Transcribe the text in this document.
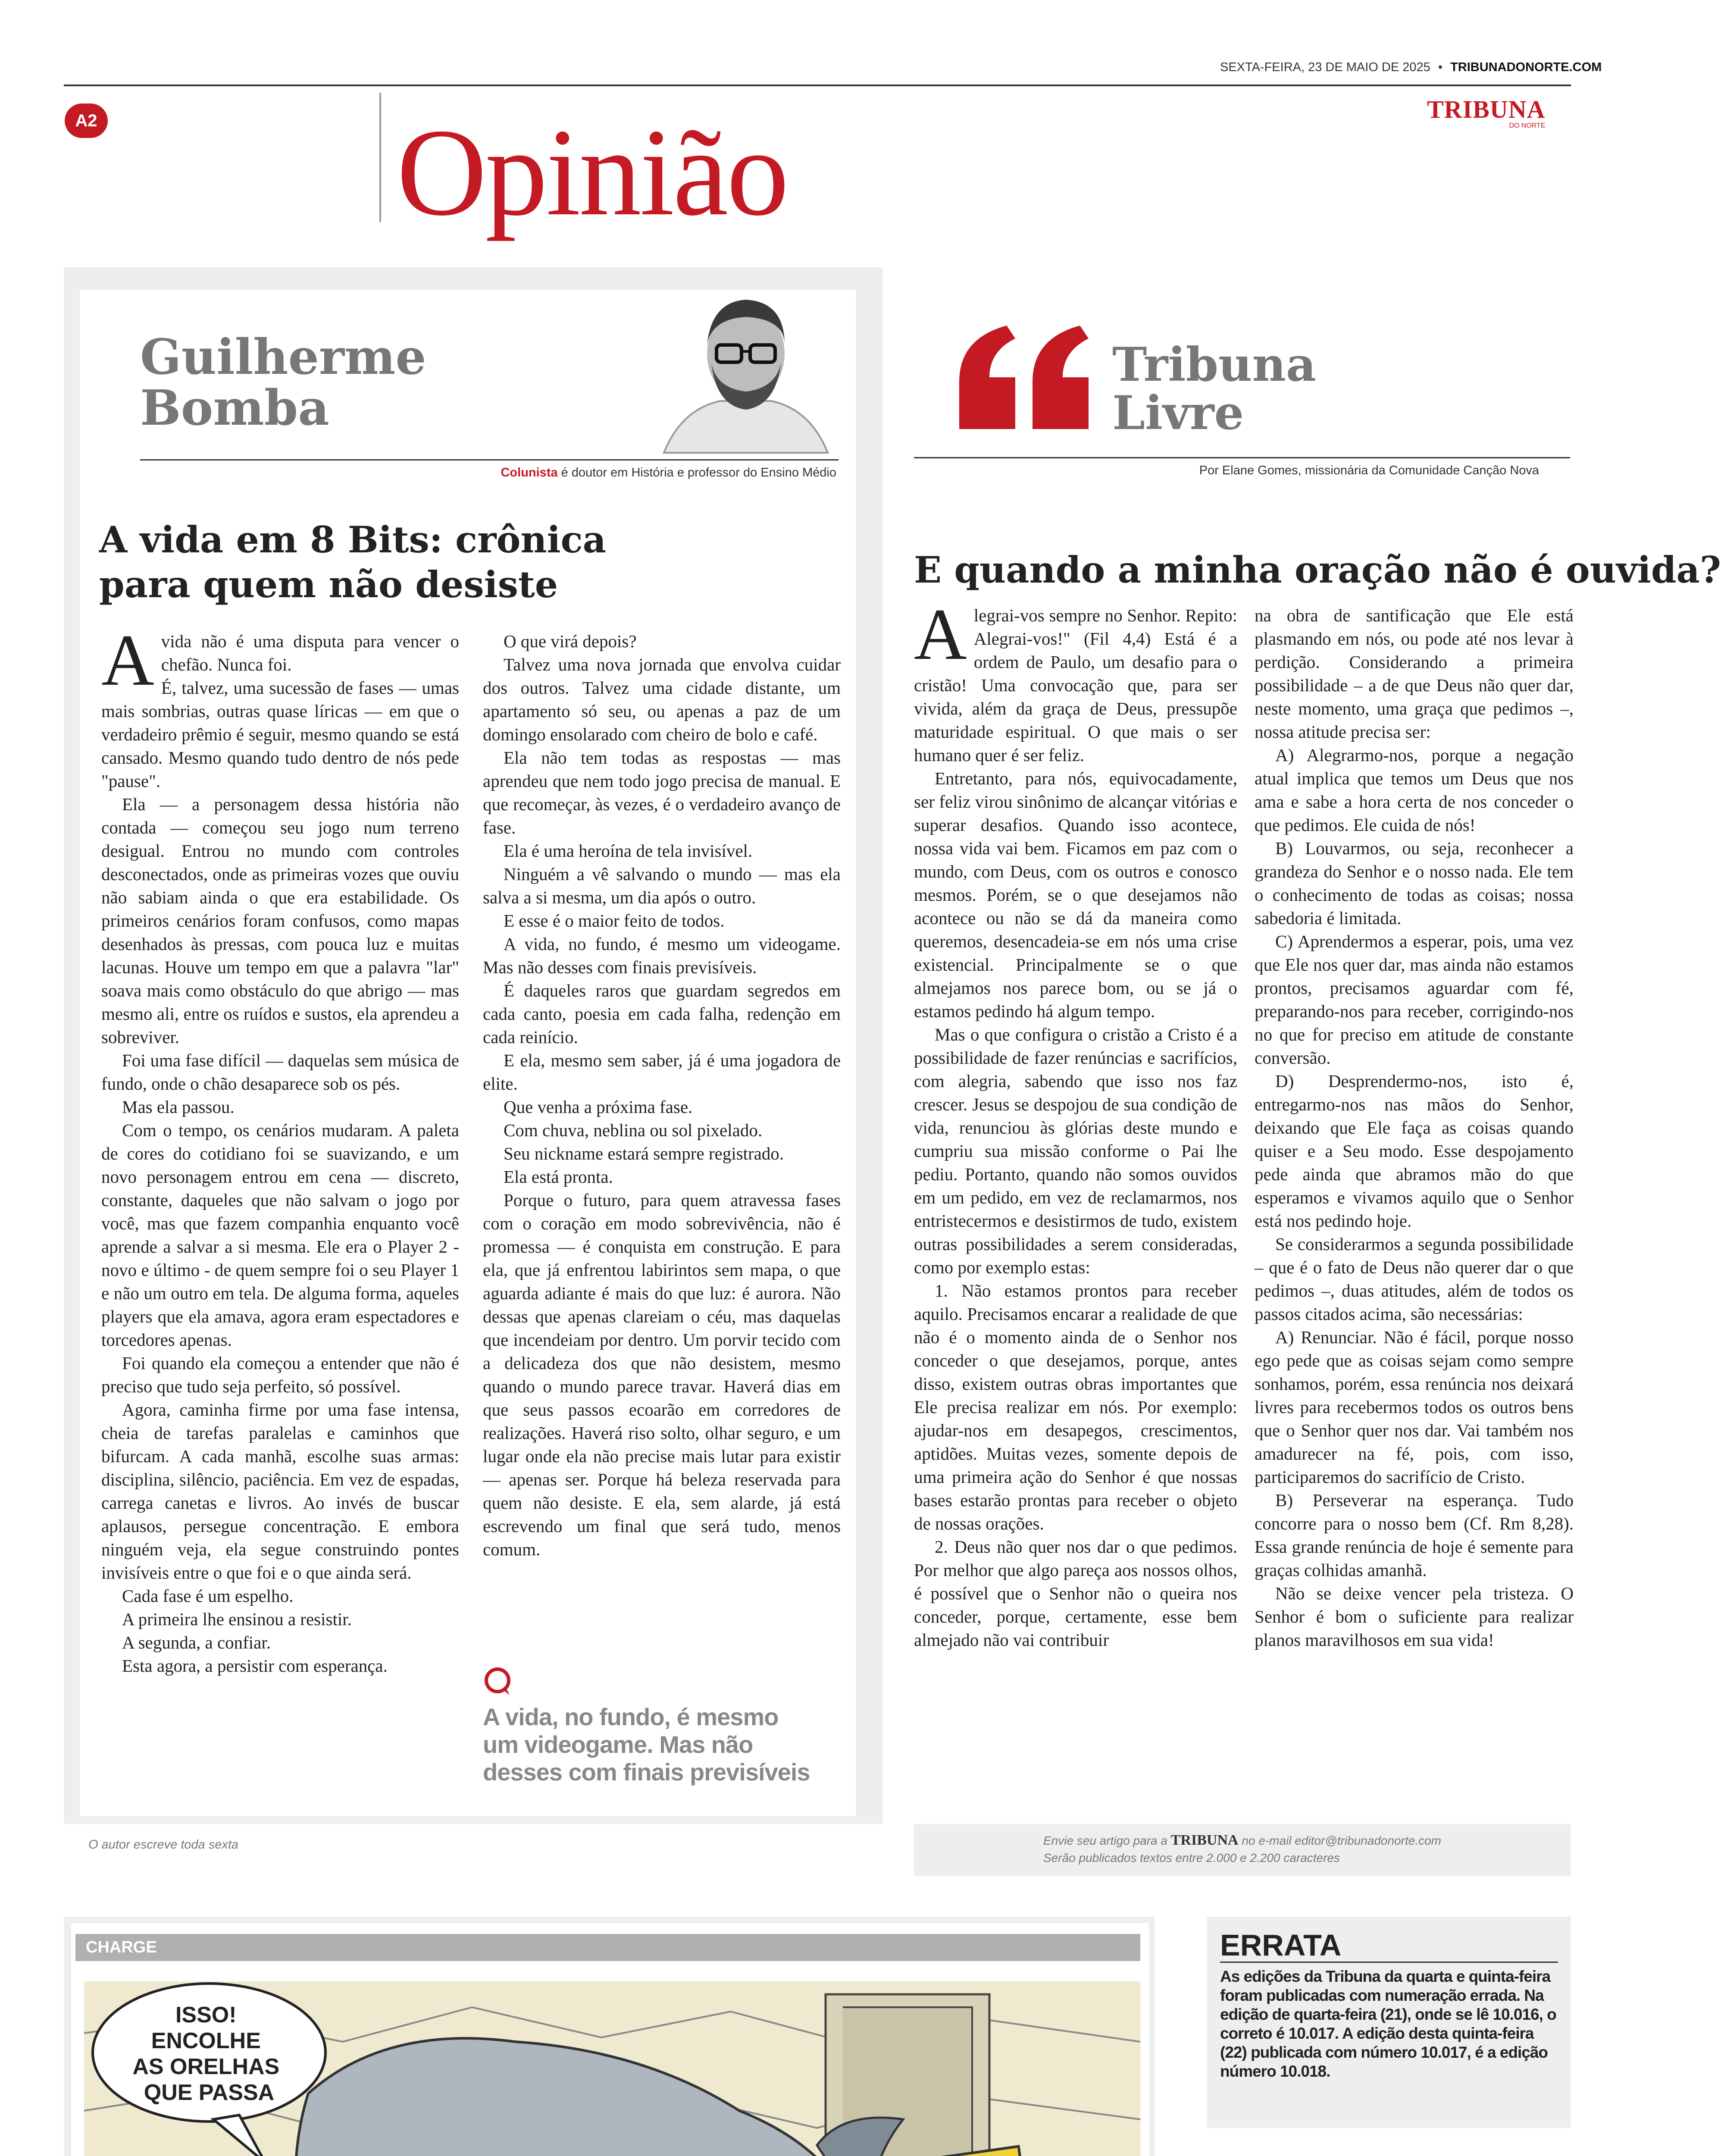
SEXTA-FEIRA, 23 DE MAIO DE 2025 • TRIBUNADONORTE.COM
A2 Opinião	TRIBUNA
DO NORTE
Guilherme
Bomba
Colunista é doutor em História e professor do Ensino Médio
A vida em 8 Bits: crônica para quem não desiste

Avida não é uma disputa para vencer o chefão. Nunca foi.

É, talvez, uma sucessão de fases — umas mais sombrias, outras quase líricas — em que o verdadeiro prêmio é seguir, mesmo quando se está cansado. Mesmo quando tudo dentro de nós pede "pause".

Ela — a personagem dessa história não contada — começou seu jogo num terreno desigual. Entrou no mundo com controles desconectados, onde as primeiras vozes que ouviu não sabiam ainda o que era estabilidade. Os primeiros cenários foram confusos, como mapas desenhados às pressas, com pouca luz e muitas lacunas. Houve um tempo em que a palavra "lar" soava mais como obstáculo do que abrigo — mas mesmo ali, entre os ruídos e sustos, ela aprendeu a sobreviver.

Foi uma fase difícil — daquelas sem música de fundo, onde o chão desaparece sob os pés.

Mas ela passou.

Com o tempo, os cenários mudaram. A paleta de cores do cotidiano foi se suavizando, e um novo personagem entrou em cena — discreto, constante, daqueles que não salvam o jogo por você, mas que fazem companhia enquanto você aprende a salvar a si mesma. Ele era o Player 2 - novo e último - de quem sempre foi o seu Player 1 e não um outro em tela. De alguma forma, aqueles players que ela amava, agora eram espectadores e torcedores apenas.

Foi quando ela começou a entender que não é preciso que tudo seja perfeito, só possível.

Agora, caminha firme por uma fase intensa, cheia de tarefas paralelas e caminhos que bifurcam. A cada manhã, escolhe suas armas: disciplina, silêncio, paciência. Em vez de espadas, carrega canetas e livros. Ao invés de buscar aplausos, persegue concentração. E embora ninguém veja, ela segue construindo pontes invisíveis entre o que foi e o que ainda será.

Cada fase é um espelho.

A primeira lhe ensinou a resistir.

A segunda, a confiar.

Esta agora, a persistir com esperança.

O que virá depois?

Talvez uma nova jornada que envolva cuidar dos outros. Talvez uma cidade distante, um apartamento só seu, ou apenas a paz de um domingo ensolarado com cheiro de bolo e café.

Ela não tem todas as respostas — mas aprendeu que nem todo jogo precisa de manual. E que recomeçar, às vezes, é o verdadeiro avanço de fase.

Ela é uma heroína de tela invisível.

Ninguém a vê salvando o mundo — mas ela salva a si mesma, um dia após o outro.

E esse é o maior feito de todos.

A vida, no fundo, é mesmo um videogame. Mas não desses com finais previsíveis.

É daqueles raros que guardam segredos em cada canto, poesia em cada falha, redenção em cada reinício.

E ela, mesmo sem saber, já é uma jogadora de elite.

Que venha a próxima fase.

Com chuva, neblina ou sol pixelado.

Seu nickname estará sempre registrado.

Ela está pronta.

Porque o futuro, para quem atravessa fases com o coração em modo sobrevivência, não é promessa — é conquista em construção. E para ela, que já enfrentou labirintos sem mapa, o que aguarda adiante é mais do que luz: é aurora. Não dessas que apenas clareiam o céu, mas daquelas que incendeiam por dentro. Um porvir tecido com a delicadeza dos que não desistem, mesmo quando o mundo parece travar. Haverá dias em que seus passos ecoarão em corredores de realizações. Haverá riso solto, olhar seguro, e um lugar onde ela não precise mais lutar para existir — apenas ser. Porque há beleza reservada para quem não desiste. E ela, sem alarde, já está escrevendo um final que será tudo, menos comum.

A vida, no fundo, é mesmo um videogame. Mas não desses com finais previsíveis
O autor escreve toda sexta
Tribuna
Livre
Por Elane Gomes, missionária da Comunidade Canção Nova
E quando a minha oração não é ouvida?

Alegrai-vos sempre no Senhor. Repito: Alegrai-vos!" (Fil 4,4) Está é a ordem de Paulo, um desafio para o cristão! Uma convocação que, para ser vivida, além da graça de Deus, pressupõe maturidade espiritual. O que mais o ser humano quer é ser feliz.

Entretanto, para nós, equivocadamente, ser feliz virou sinônimo de alcançar vitórias e superar desafios. Quando isso acontece, nossa vida vai bem. Ficamos em paz com o mundo, com Deus, com os outros e conosco mesmos. Porém, se o que desejamos não acontece ou não se dá da maneira como queremos, desencadeia-se em nós uma crise existencial. Principalmente se o que almejamos nos parece bom, ou se já o estamos pedindo há algum tempo.

Mas o que configura o cristão a Cristo é a possibilidade de fazer renúncias e sacrifícios, com alegria, sabendo que isso nos faz crescer. Jesus se despojou de sua condição de vida, renunciou às glórias deste mundo e cumpriu sua missão conforme o Pai lhe pediu. Portanto, quando não somos ouvidos em um pedido, em vez de reclamarmos, nos entristecermos e desistirmos de tudo, existem outras possibilidades a serem consideradas, como por exemplo estas:

1. Não estamos prontos para receber aquilo. Precisamos encarar a realidade de que não é o momento ainda de o Senhor nos conceder o que desejamos, porque, antes disso, existem outras obras importantes que Ele precisa realizar em nós. Por exemplo: ajudar-nos em desapegos, crescimentos, aptidões. Muitas vezes, somente depois de uma primeira ação do Senhor é que nossas bases estarão prontas para receber o objeto de nossas orações.

2. Deus não quer nos dar o que pedimos. Por melhor que algo pareça aos nossos olhos, é possível que o Senhor não o queira nos conceder, porque, certamente, esse bem almejado não vai contribuir

na obra de santificação que Ele está plasmando em nós, ou pode até nos levar à perdição. Considerando a primeira possibilidade – a de que Deus não quer dar, neste momento, uma graça que pedimos –, nossa atitude precisa ser:

A) Alegrarmo-nos, porque a negação atual implica que temos um Deus que nos ama e sabe a hora certa de nos conceder o que pedimos. Ele cuida de nós!

B) Louvarmos, ou seja, reconhecer a grandeza do Senhor e o nosso nada. Ele tem o conhecimento de todas as coisas; nossa sabedoria é limitada.

C) Aprendermos a esperar, pois, uma vez que Ele nos quer dar, mas ainda não estamos prontos, precisamos aguardar com fé, preparando-nos para receber, corrigindo-nos no que for preciso em atitude de constante conversão.

D) Desprendermo-nos, isto é, entregarmo-nos nas mãos do Senhor, deixando que Ele faça as coisas quando quiser e a Seu modo. Esse despojamento pede ainda que abramos mão do que esperamos e vivamos aquilo que o Senhor está nos pedindo hoje.

Se considerarmos a segunda possibilidade – que é o fato de Deus não querer dar o que pedimos –, duas atitudes, além de todos os passos citados acima, são necessárias:

A) Renunciar. Não é fácil, porque nosso ego pede que as coisas sejam como sempre sonhamos, porém, essa renúncia nos deixará livres para recebermos todos os outros bens que o Senhor quer nos dar. Vai também nos amadurecer na fé, pois, com isso, participaremos do sacrifício de Cristo.

B) Perseverar na esperança. Tudo concorre para o nosso bem (Cf. Rm 8,28). Essa grande renúncia de hoje é semente para graças colhidas amanhã.

Não se deixe vencer pela tristeza. O Senhor é bom o suficiente para realizar planos maravilhosos em sua vida!

Envie seu artigo para a TRIBUNA no e-mail editor@tribunadonorte.com
Serão publicados textos entre 2.000 e 2.200 caracteres
CHARGE
ISSO! ENCOLHE AS ORELHAS QUE PASSA
ERRATA
As edições da Tribuna da quarta e quinta-feira foram publicadas com numeração errada. Na edição de quarta-feira (21), onde se lê 10.016, o correto é 10.017. A edição desta quinta-feira (22) publicada com número 10.017, é a edição número 10.018.
